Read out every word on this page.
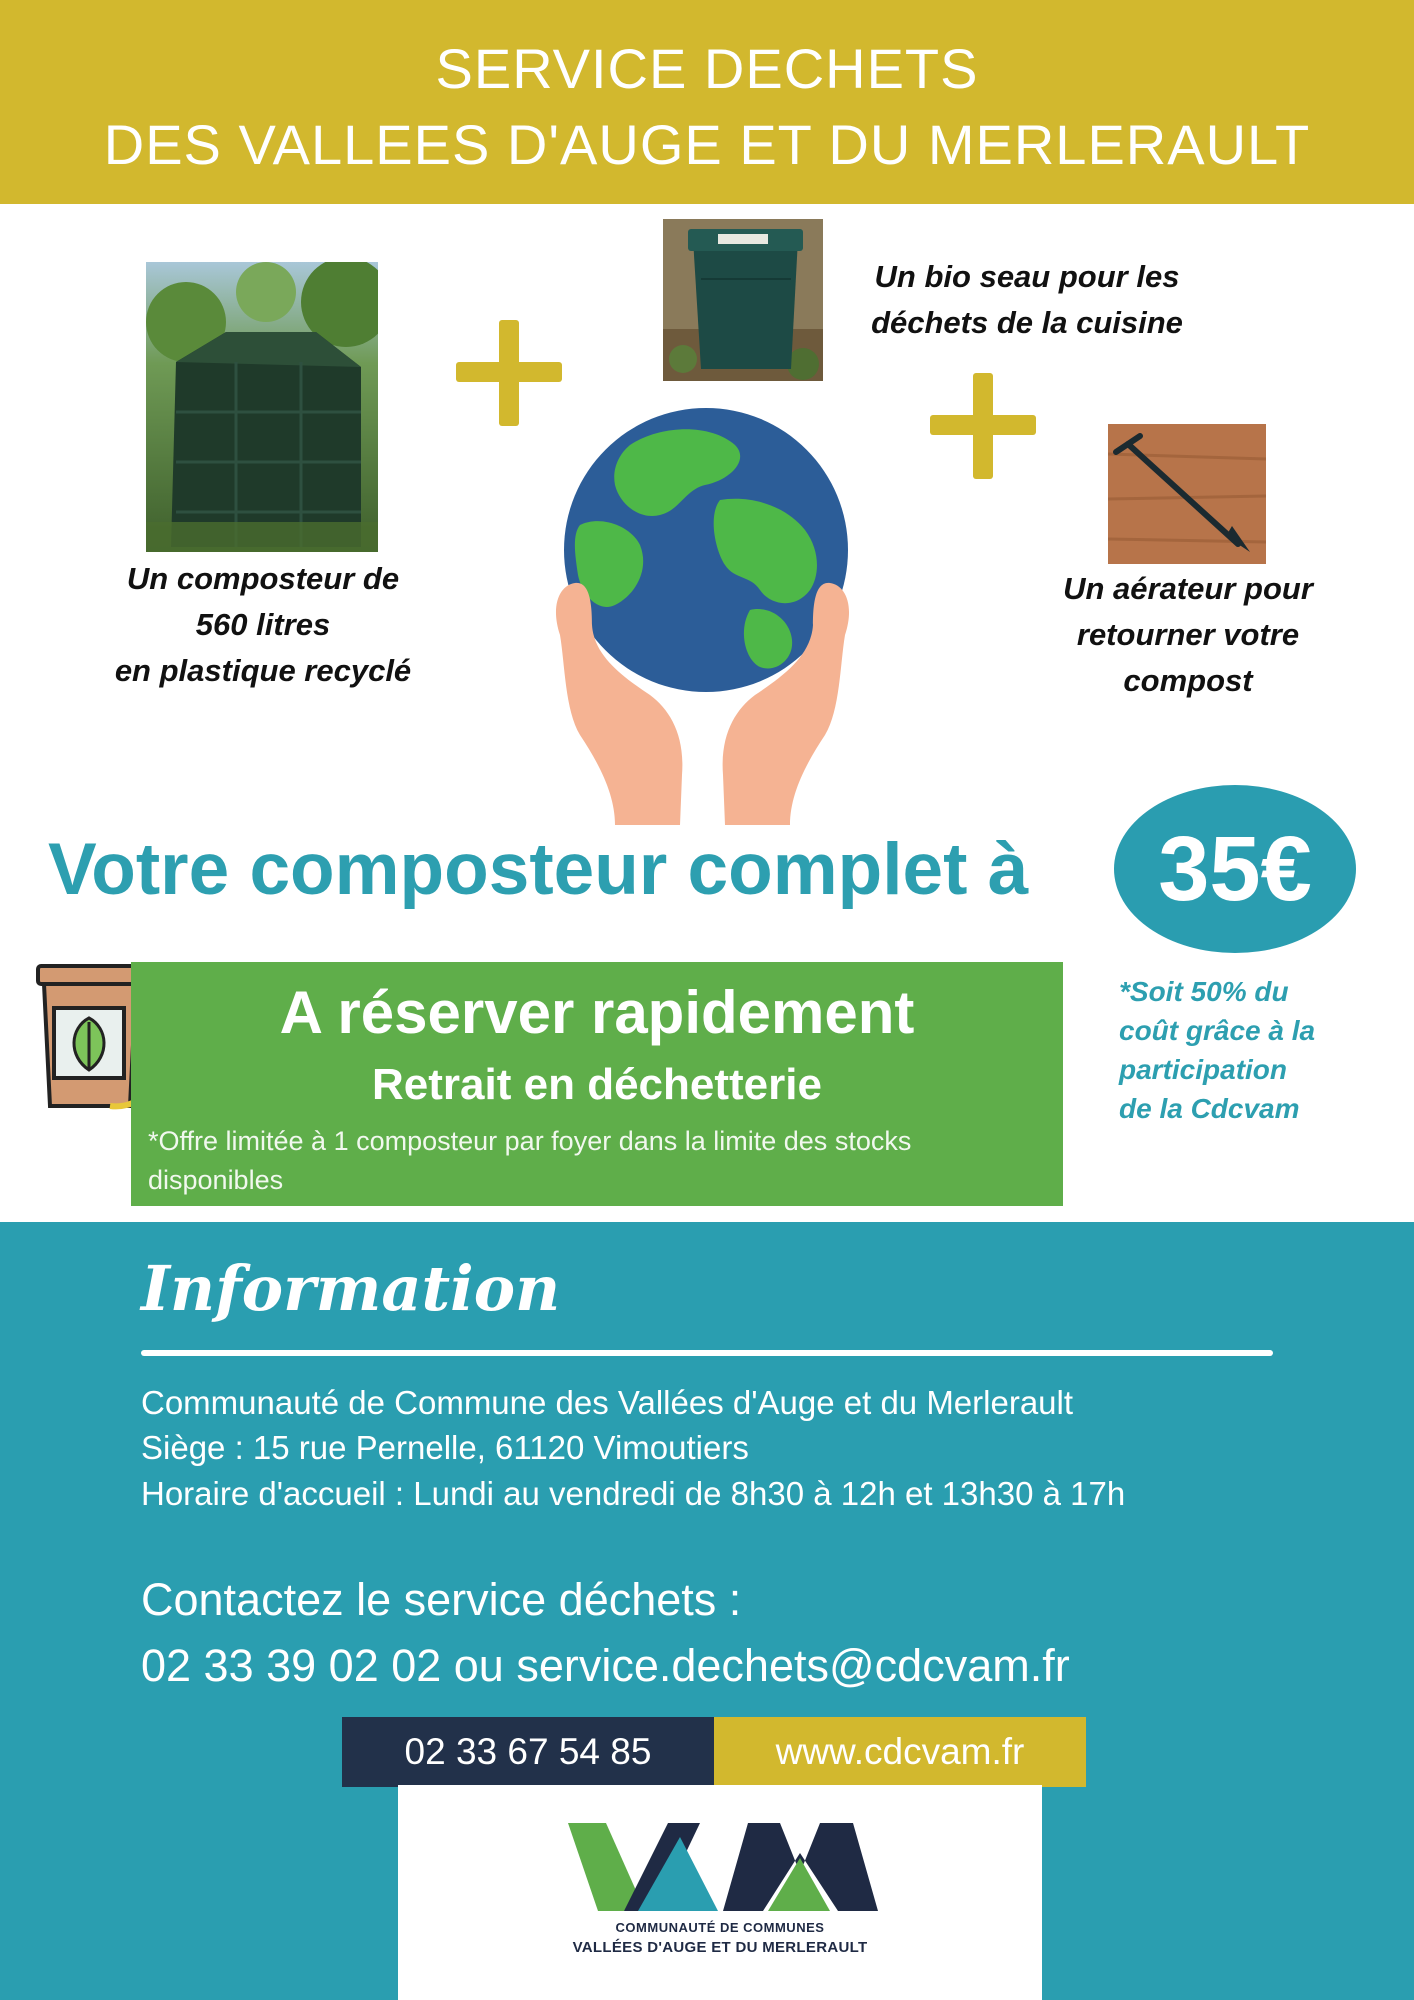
SERVICE DECHETS
DES VALLEES D'AUGE ET DU MERLERAULT
Un composteur de
560 litres
en plastique recyclé
Un bio seau pour les
déchets de la cuisine
Un aérateur pour
retourner votre
compost
Votre composteur complet à	35€
A réserver rapidement
Retrait en déchetterie
*Offre limitée à 1 composteur par foyer dans la limite des stocks disponibles
*Soit 50% du
coût grâce à la
participation
de la Cdcvam
Information
Communauté de Commune des Vallées d'Auge et du Merlerault
Siège : 15 rue Pernelle, 61120 Vimoutiers
Horaire d'accueil : Lundi au vendredi de 8h30 à 12h et 13h30 à 17h
Contactez le service déchets :
02 33 39 02 02 ou service.dechets@cdcvam.fr
02 33 67 54 85	www.cdcvam.fr
COMMUNAUTÉ DE COMMUNES
VALLÉES D'AUGE ET DU MERLERAULT
